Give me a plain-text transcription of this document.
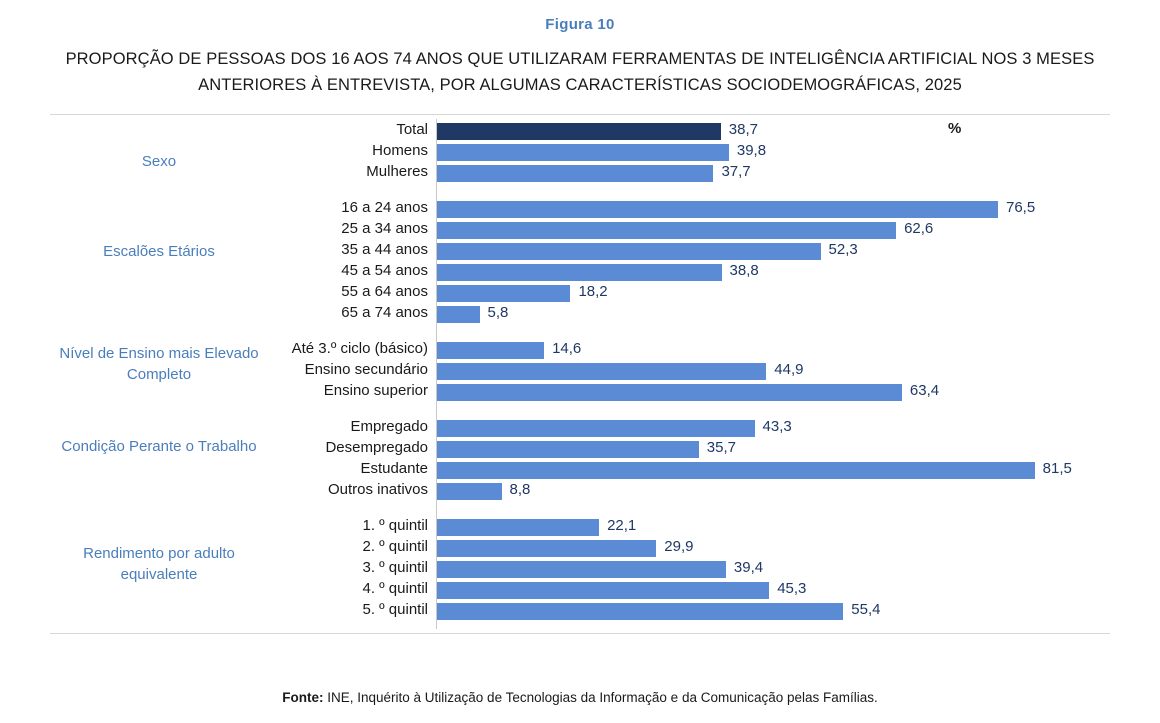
Figura 10
PROPORÇÃO DE PESSOAS DOS 16 AOS 74 ANOS QUE UTILIZARAM FERRAMENTAS DE INTELIGÊNCIA ARTIFICIAL NOS 3 MESES
ANTERIORES À ENTREVISTA, POR ALGUMAS CARACTERÍSTICAS SOCIODEMOGRÁFICAS, 2025
Sexo
Escalões Etários
Nível de Ensino mais Elevado Completo
Condição Perante o Trabalho
Rendimento por adulto equivalente
%
Total	38,7
Homens	39,8
Mulheres	37,7
16 a 24 anos	76,5
25 a 34 anos	62,6
35 a 44 anos	52,3
45 a 54 anos	38,8
55 a 64 anos	18,2
65 a 74 anos	5,8
Até 3.º ciclo (básico)	14,6
Ensino secundário	44,9
Ensino superior	63,4
Empregado	43,3
Desempregado	35,7
Estudante	81,5
Outros inativos	8,8
1. º quintil	22,1
2. º quintil	29,9
3. º quintil	39,4
4. º quintil	45,3
5. º quintil	55,4
Fonte: INE, Inquérito à Utilização de Tecnologias da Informação e da Comunicação pelas Famílias.
